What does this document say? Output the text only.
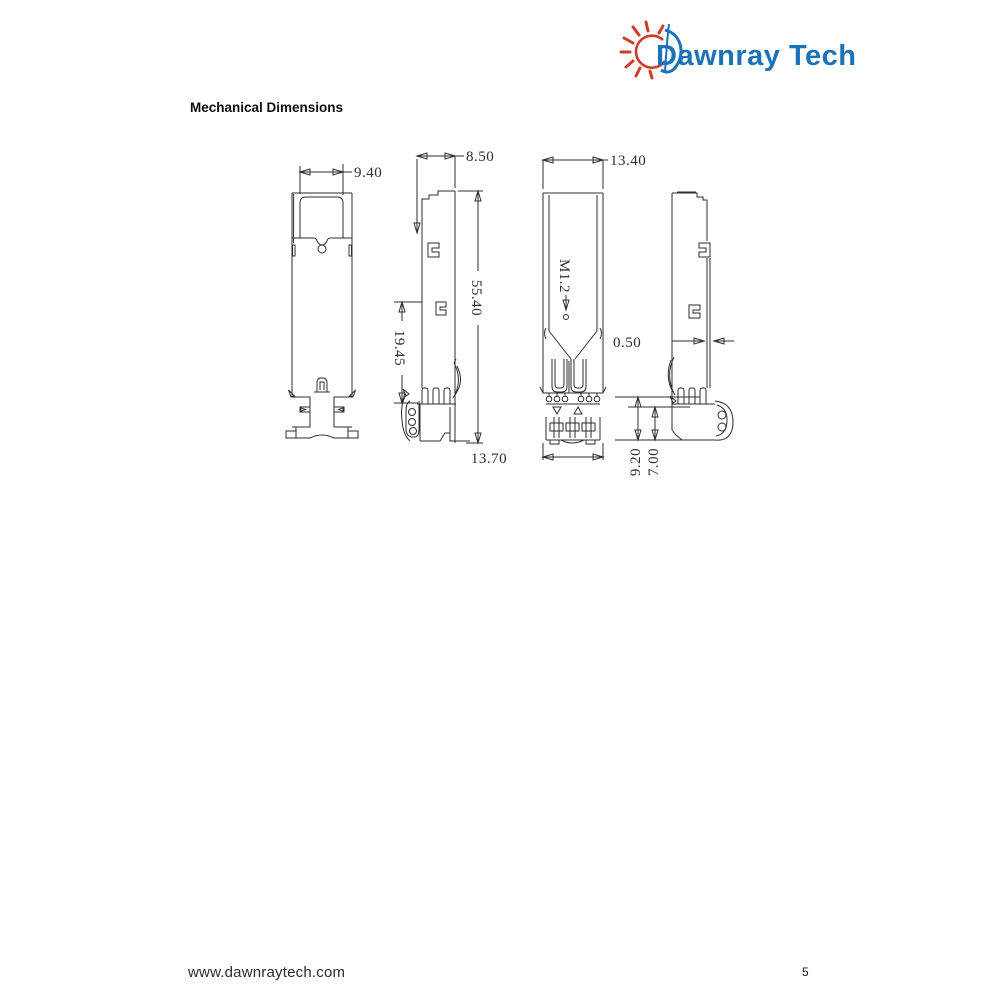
Dawnray Tech
Mechanical Dimensions
9.40
8.50
19.45
55.40
13.40
M1.2
13.70
0.50
9.20 7.00
www.dawnraytech.com	5
